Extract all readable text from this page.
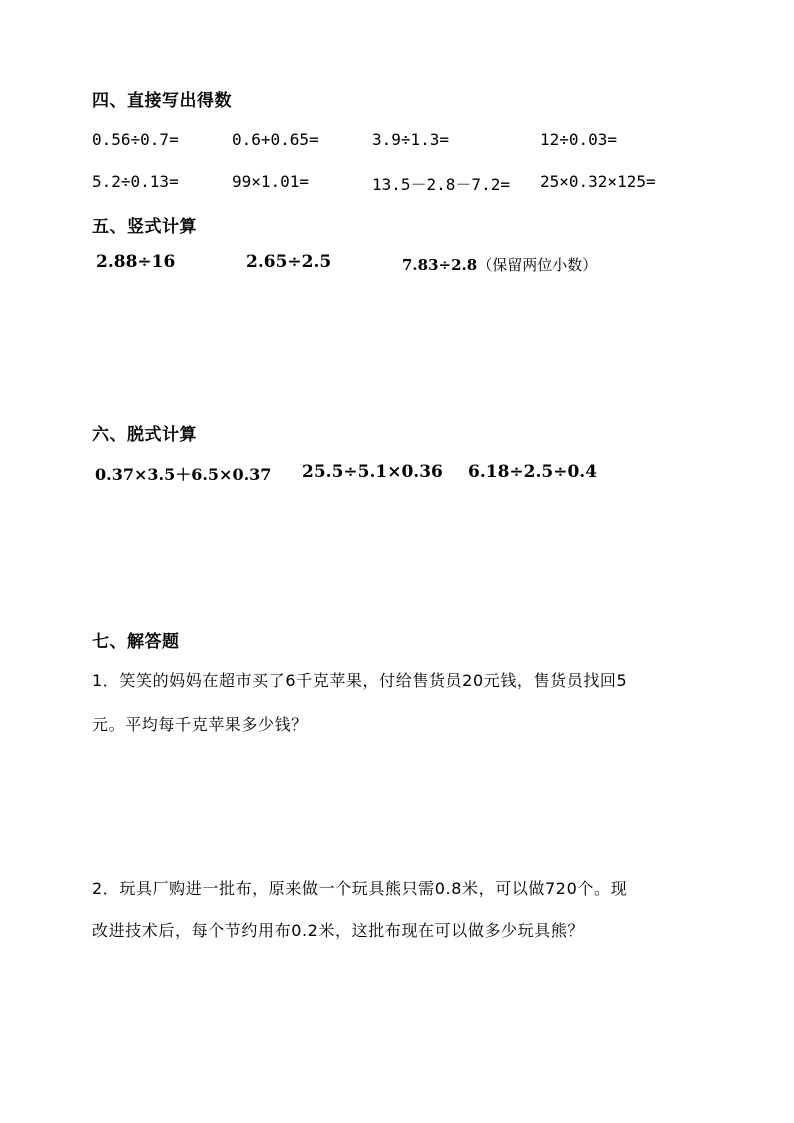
四、直接写出得数
0.56÷0.7=	0.6+0.65=	3.9÷1.3=	12÷0.03=
5.2÷0.13=	99×1.01=	13.5－2.8－7.2= 25×0.32×125=
五、竖式计算
2.88÷16	2.65÷2.5	7.83÷2.8（保留两位小数）
六、脱式计算
0.37×3.5＋6.5×0.37 25.5÷5.1×0.36 6.18÷2.5÷0.4
七、解答题
1．笑笑的妈妈在超市买了6千克苹果，付给售货员20元钱，售货员找回5
元。平均每千克苹果多少钱？
2．玩具厂购进一批布，原来做一个玩具熊只需0.8米，可以做720个。现
改进技术后，每个节约用布0.2米，这批布现在可以做多少玩具熊？
